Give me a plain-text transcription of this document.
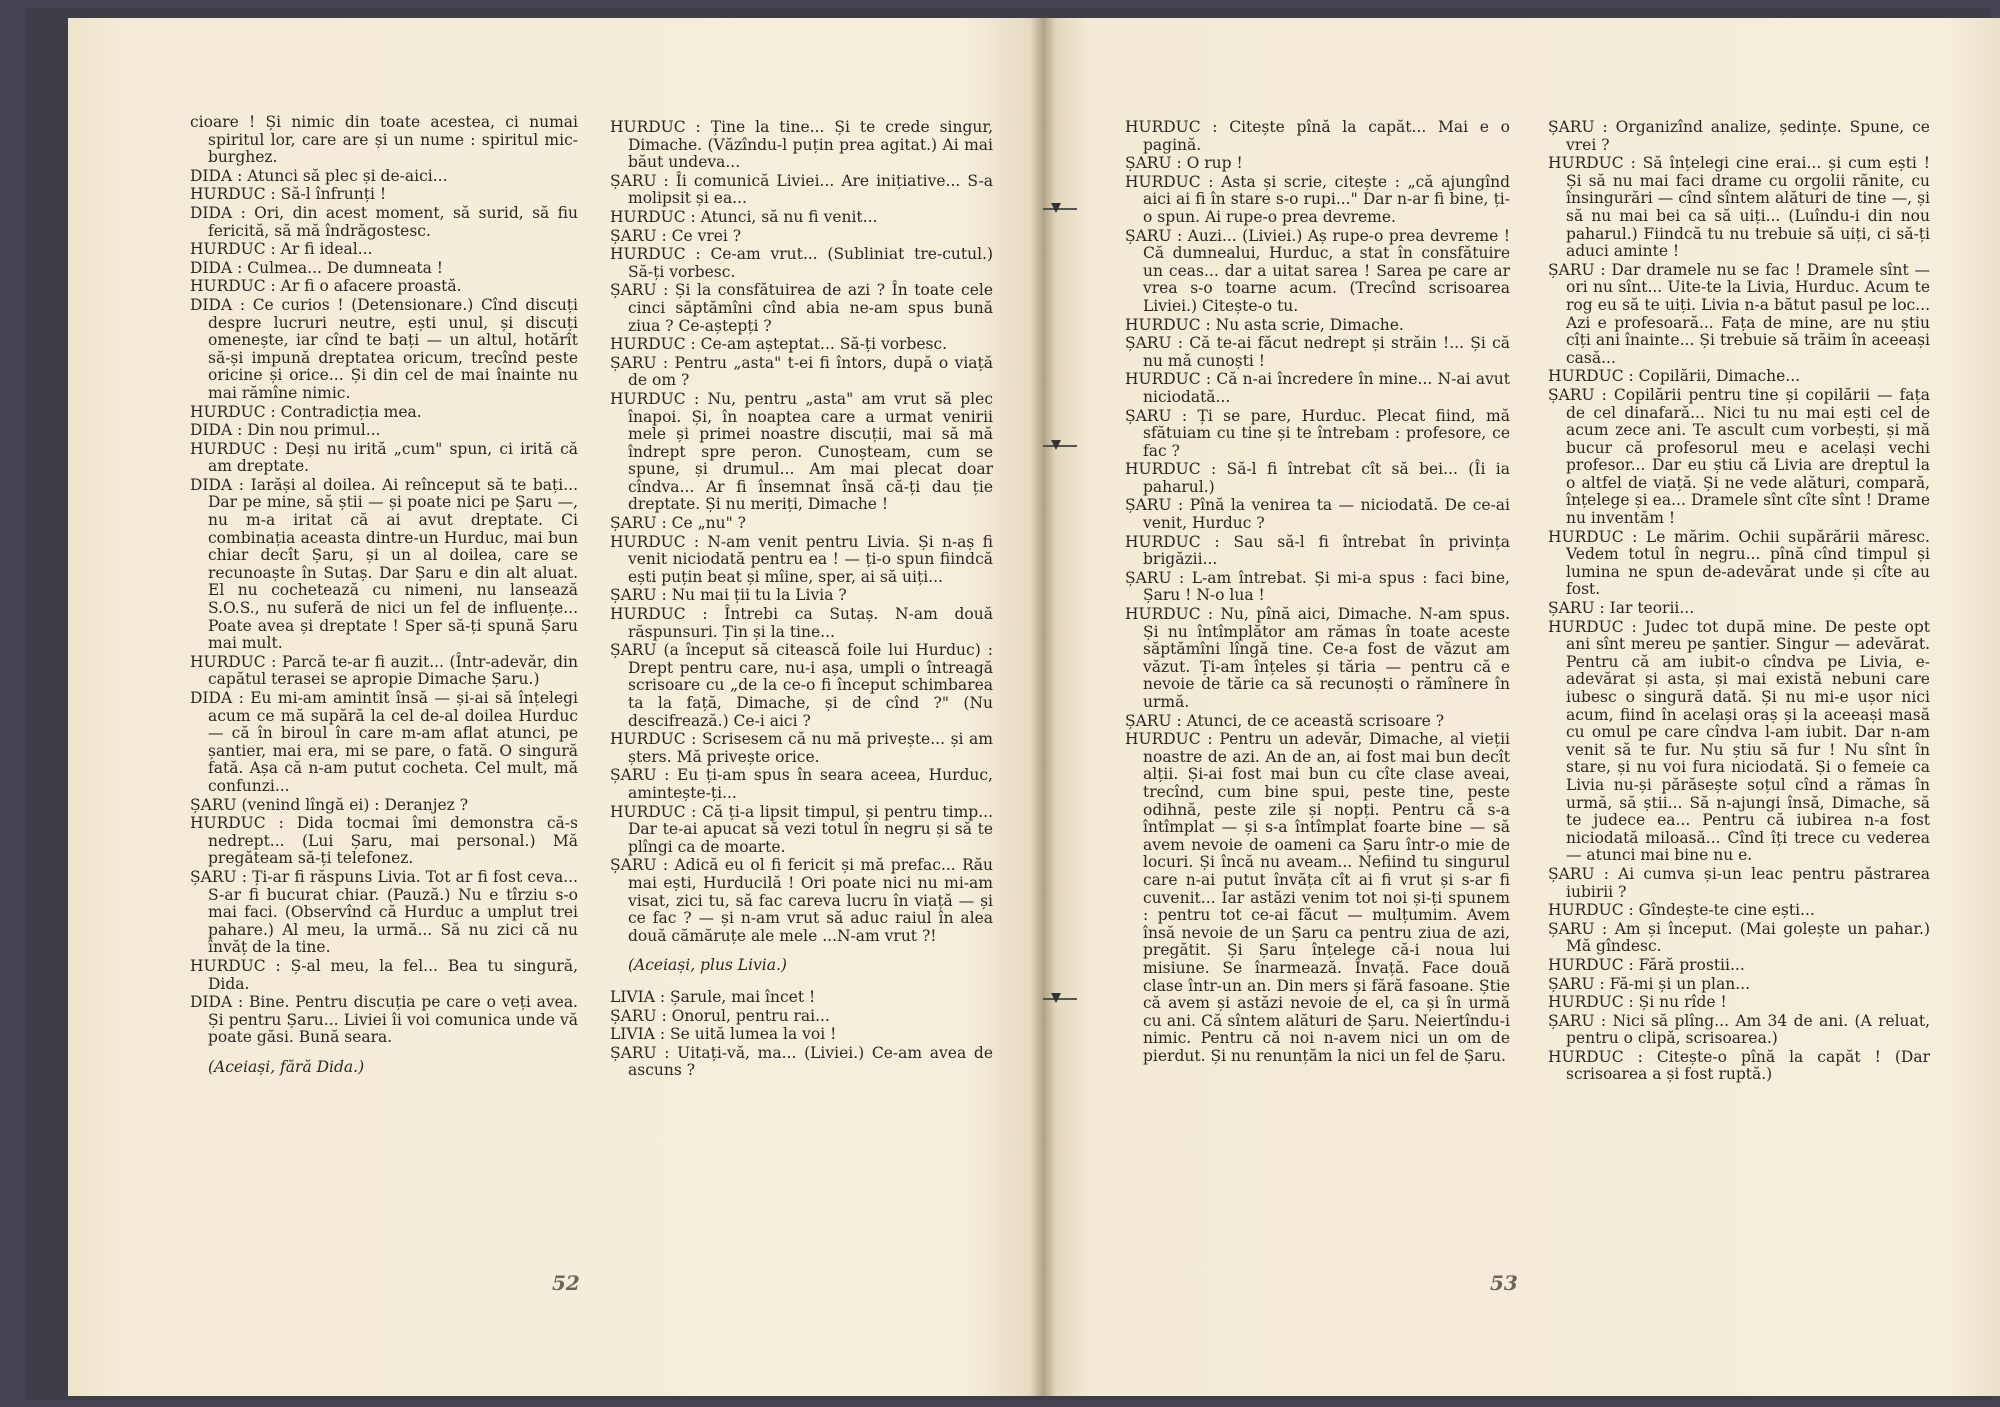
cioare ! Și nimic din toate acestea, ci numai spiritul lor, care are și un nume : spiritul mic-burghez.

DIDA : Atunci să plec și de-aici...

HURDUC : Să-l înfrunți !

DIDA : Ori, din acest moment, să surid, să fiu fericită, să mă îndrăgostesc.

HURDUC : Ar fi ideal...

DIDA : Culmea... De dumneata !

HURDUC : Ar fi o afacere proastă.

DIDA : Ce curios ! (Detensionare.) Cînd discuți despre lucruri neutre, ești unul, și discuți omenește, iar cînd te bați — un altul, hotărît să-și impună dreptatea oricum, trecînd peste oricine și orice... Și din cel de mai înainte nu mai rămîne nimic.

HURDUC : Contradicția mea.

DIDA : Din nou primul...

HURDUC : Deși nu irită „cum" spun, ci irită că am dreptate.

DIDA : Iarăși al doilea. Ai reînceput să te bați... Dar pe mine, să știi — și poate nici pe Șaru —, nu m-a iritat că ai avut dreptate. Ci combinația aceasta dintre-un Hurduc, mai bun chiar decît Șaru, și un al doilea, care se recunoaște în Sutaș. Dar Șaru e din alt aluat. El nu cochetează cu nimeni, nu lansează S.O.S., nu suferă de nici un fel de influențe... Poate avea și dreptate ! Sper să-ți spună Șaru mai mult.

HURDUC : Parcă te-ar fi auzit... (Într-adevăr, din capătul terasei se apropie Dimache Șaru.)

DIDA : Eu mi-am amintit însă — și-ai să înțelegi acum ce mă supără la cel de-al doilea Hurduc — că în biroul în care m-am aflat atunci, pe șantier, mai era, mi se pare, o fată. O singură fată. Așa că n-am putut cocheta. Cel mult, mă confunzi...

ȘARU (venind lîngă ei) : Deranjez ?

HURDUC : Dida tocmai îmi demonstra că-s nedrept... (Lui Șaru, mai personal.) Mă pregăteam să-ți telefonez.

ȘARU : Ți-ar fi răspuns Livia. Tot ar fi fost ceva... S-ar fi bucurat chiar. (Pauză.) Nu e tîrziu s-o mai faci. (Observînd că Hurduc a umplut trei pahare.) Al meu, la urmă... Să nu zici că nu învăț de la tine.

HURDUC : Ș-al meu, la fel... Bea tu singură, Dida.

DIDA : Bine. Pentru discuția pe care o veți avea. Și pentru Șaru... Liviei îi voi comunica unde vă poate găsi. Bună seara.

(Aceiași, fără Dida.)

HURDUC : Ține la tine... Și te crede singur, Dimache. (Văzîndu-l puțin prea agitat.) Ai mai băut undeva...

ȘARU : Îi comunică Liviei... Are inițiative... S-a molipsit și ea...

HURDUC : Atunci, să nu fi venit...

ȘARU : Ce vrei ?

HURDUC : Ce-am vrut... (Subliniat tre-cutul.) Să-ți vorbesc.

ȘARU : Și la consfătuirea de azi ? În toate cele cinci săptămîni cînd abia ne-am spus bună ziua ? Ce-aștepți ?

HURDUC : Ce-am așteptat... Să-ți vorbesc.

ȘARU : Pentru „asta" t-ei fi întors, după o viață de om ?

HURDUC : Nu, pentru „asta" am vrut să plec înapoi. Și, în noaptea care a urmat venirii mele și primei noastre discuții, mai să mă îndrept spre peron. Cunoșteam, cum se spune, și drumul... Am mai plecat doar cîndva... Ar fi însemnat însă că-ți dau ție dreptate. Și nu meriți, Dimache !

ȘARU : Ce „nu" ?

HURDUC : N-am venit pentru Livia. Și n-aș fi venit niciodată pentru ea ! — ți-o spun fiindcă ești puțin beat și mîine, sper, ai să uiți...

ȘARU : Nu mai ții tu la Livia ?

HURDUC : Întrebi ca Sutaș. N-am două răspunsuri. Țin și la tine...

ȘARU (a început să citească foile lui Hurduc) : Drept pentru care, nu-i așa, umpli o întreagă scrisoare cu „de la ce-o fi început schimbarea ta la față, Dimache, și de cînd ?" (Nu descifrează.) Ce-i aici ?

HURDUC : Scrisesem că nu mă privește... și am șters. Mă privește orice.

ȘARU : Eu ți-am spus în seara aceea, Hurduc, amintește-ți...

HURDUC : Că ți-a lipsit timpul, și pentru timp... Dar te-ai apucat să vezi totul în negru și să te plîngi ca de moarte.

ȘARU : Adică eu ol fi fericit și mă prefac... Rău mai ești, Hurducilă ! Ori poate nici nu mi-am visat, zici tu, să fac careva lucru în viață — și ce fac ? — și n-am vrut să aduc raiul în alea două cămăruțe ale mele ...N-am vrut ?!

(Aceiași, plus Livia.)

LIVIA : Șarule, mai încet !

ȘARU : Onorul, pentru rai...

LIVIA : Se uită lumea la voi !

ȘARU : Uitați-vă, ma... (Liviei.) Ce-am avea de ascuns ?

52

HURDUC : Citește pînă la capăt... Mai e o pagină.

ȘARU : O rup !

HURDUC : Asta și scrie, citește : „că ajungînd aici ai fi în stare s-o rupi..." Dar n-ar fi bine, ți-o spun. Ai rupe-o prea devreme.

ȘARU : Auzi... (Liviei.) Aș rupe-o prea devreme ! Că dumnealui, Hurduc, a stat în consfătuire un ceas... dar a uitat sarea ! Sarea pe care ar vrea s-o toarne acum. (Trecînd scrisoarea Liviei.) Citește-o tu.

HURDUC : Nu asta scrie, Dimache.

ȘARU : Că te-ai făcut nedrept și străin !... Și că nu mă cunoști !

HURDUC : Că n-ai încredere în mine... N-ai avut niciodată...

ȘARU : Ți se pare, Hurduc. Plecat fiind, mă sfătuiam cu tine și te întrebam : profesore, ce fac ?

HURDUC : Să-l fi întrebat cît să bei... (Îi ia paharul.)

ȘARU : Pînă la venirea ta — niciodată. De ce-ai venit, Hurduc ?

HURDUC : Sau să-l fi întrebat în privința brigăzii...

ȘARU : L-am întrebat. Și mi-a spus : faci bine, Șaru ! N-o lua !

HURDUC : Nu, pînă aici, Dimache. N-am spus. Și nu întîmplător am rămas în toate aceste săptămîni lîngă tine. Ce-a fost de văzut am văzut. Ți-am înțeles și tăria — pentru că e nevoie de tărie ca să recunoști o rămînere în urmă.

ȘARU : Atunci, de ce această scrisoare ?

HURDUC : Pentru un adevăr, Dimache, al vieții noastre de azi. An de an, ai fost mai bun decît alții. Și-ai fost mai bun cu cîte clase aveai, trecînd, cum bine spui, peste tine, peste odihnă, peste zile și nopți. Pentru că s-a întîmplat — și s-a întîmplat foarte bine — să avem nevoie de oameni ca Șaru într-o mie de locuri. Și încă nu aveam... Nefiind tu singurul care n-ai putut învăța cît ai fi vrut și s-ar fi cuvenit... Iar astăzi venim tot noi și-ți spunem : pentru tot ce-ai făcut — mulțumim. Avem însă nevoie de un Șaru ca pentru ziua de azi, pregătit. Și Șaru înțelege că-i noua lui misiune. Se înarmează. Învață. Face două clase într-un an. Din mers și fără fasoane. Știe că avem și astăzi nevoie de el, ca și în urmă cu ani. Că sîntem alături de Șaru. Neiertîndu-i nimic. Pentru că noi n-avem nici un om de pierdut. Și nu renunțăm la nici un fel de Șaru.

ȘARU : Organizînd analize, ședințe. Spune, ce vrei ?

HURDUC : Să înțelegi cine erai... și cum ești ! Și să nu mai faci drame cu orgolii rănite, cu însingurări — cînd sîntem alături de tine —, și să nu mai bei ca să uiți... (Luîndu-i din nou paharul.) Fiindcă tu nu trebuie să uiți, ci să-ți aduci aminte !

ȘARU : Dar dramele nu se fac ! Dramele sînt — ori nu sînt... Uite-te la Livia, Hurduc. Acum te rog eu să te uiți. Livia n-a bătut pasul pe loc... Azi e profesoară... Fața de mine, are nu știu cîți ani înainte... Și trebuie să trăim în aceeași casă...

HURDUC : Copilării, Dimache...

ȘARU : Copilării pentru tine și copilării — fața de cel dinafară... Nici tu nu mai ești cel de acum zece ani. Te ascult cum vorbești, și mă bucur că profesorul meu e același vechi profesor... Dar eu știu că Livia are dreptul la o altfel de viață. Și ne vede alături, compară, înțelege și ea... Dramele sînt cîte sînt ! Drame nu inventăm !

HURDUC : Le mărim. Ochii supărării măresc. Vedem totul în negru... pînă cînd timpul și lumina ne spun de-adevărat unde și cîte au fost.

ȘARU : Iar teorii...

HURDUC : Judec tot după mine. De peste opt ani sînt mereu pe șantier. Singur — adevărat. Pentru că am iubit-o cîndva pe Livia, e-adevărat și asta, și mai există nebuni care iubesc o singură dată. Și nu mi-e ușor nici acum, fiind în același oraș și la aceeași masă cu omul pe care cîndva l-am iubit. Dar n-am venit să te fur. Nu știu să fur ! Nu sînt în stare, și nu voi fura niciodată. Și o femeie ca Livia nu-și părăsește soțul cînd a rămas în urmă, să știi... Să n-ajungi însă, Dimache, să te judece ea... Pentru că iubirea n-a fost niciodată miloasă... Cînd îți trece cu vederea — atunci mai bine nu e.

ȘARU : Ai cumva și-un leac pentru păstrarea iubirii ?

HURDUC : Gîndește-te cine ești...

ȘARU : Am și început. (Mai golește un pahar.) Mă gîndesc.

HURDUC : Fără prostii...

ȘARU : Fă-mi și un plan...

HURDUC : Și nu rîde !

ȘARU : Nici să plîng... Am 34 de ani. (A reluat, pentru o clipă, scrisoarea.)

HURDUC : Citește-o pînă la capăt ! (Dar scrisoarea a și fost ruptă.)

53
